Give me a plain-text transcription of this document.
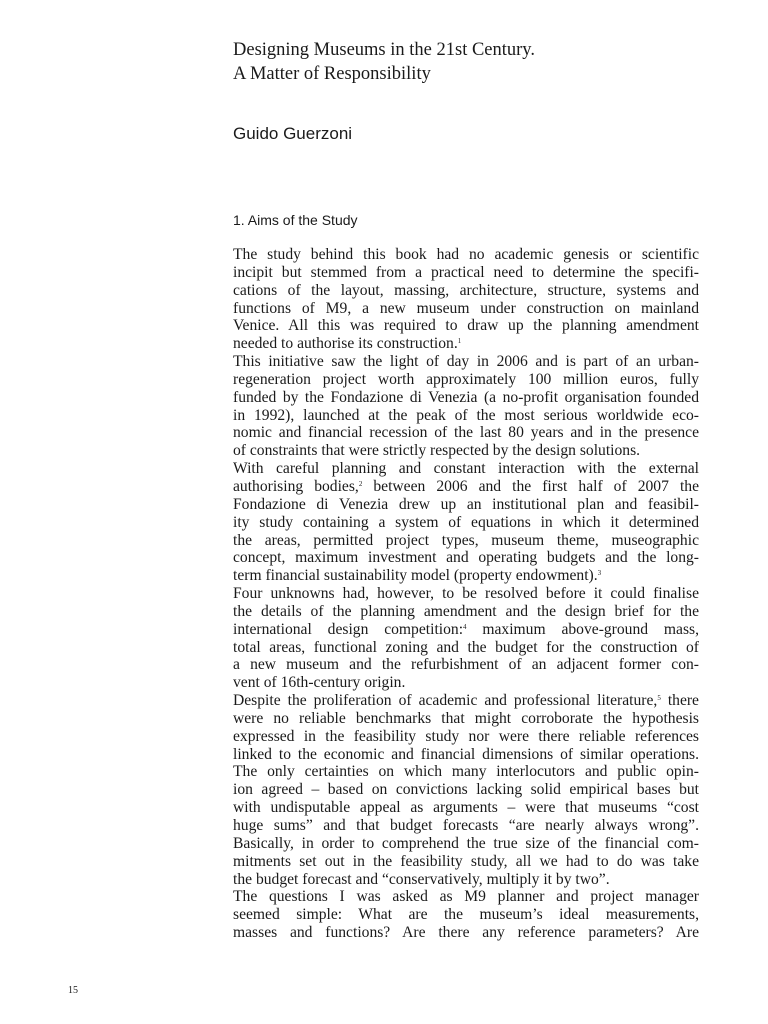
Designing Museums in the 21st Century.
A Matter of Responsibility
Guido Guerzoni
1. Aims of the Study
The study behind this book had no academic genesis or scientific
incipit but stemmed from a practical need to determine the specifi-
cations of the layout, massing, architecture, structure, systems and
functions of M9, a new museum under construction on mainland
Venice. All this was required to draw up the planning amendment
needed to authorise its construction.$^1$
This initiative saw the light of day in 2006 and is part of an urban-
regeneration project worth approximately 100 million euros, fully
funded by the Fondazione di Venezia (a no-profit organisation founded
in 1992), launched at the peak of the most serious worldwide eco-
nomic and financial recession of the last 80 years and in the presence
of constraints that were strictly respected by the design solutions.
With careful planning and constant interaction with the external
authorising bodies,$^2$ between 2006 and the first half of 2007 the
Fondazione di Venezia drew up an institutional plan and feasibil-
ity study containing a system of equations in which it determined
the areas, permitted project types, museum theme, museographic
concept, maximum investment and operating budgets and the long-
term financial sustainability model (property endowment).$^3$
Four unknowns had, however, to be resolved before it could finalise
the details of the planning amendment and the design brief for the
international design competition:$^4$ maximum above-ground mass,
total areas, functional zoning and the budget for the construction of
a new museum and the refurbishment of an adjacent former con-
vent of 16th-century origin.
Despite the proliferation of academic and professional literature,$^5$ there
were no reliable benchmarks that might corroborate the hypothesis
expressed in the feasibility study nor were there reliable references
linked to the economic and financial dimensions of similar operations.
The only certainties on which many interlocutors and public opin-
ion agreed – based on convictions lacking solid empirical bases but
with undisputable appeal as arguments – were that museums “cost
huge sums” and that budget forecasts “are nearly always wrong”.
Basically, in order to comprehend the true size of the financial com-
mitments set out in the feasibility study, all we had to do was take
the budget forecast and “conservatively, multiply it by two”.
The questions I was asked as M9 planner and project manager
seemed simple: What are the museum’s ideal measurements,
masses and functions? Are there any reference parameters? Are
15
